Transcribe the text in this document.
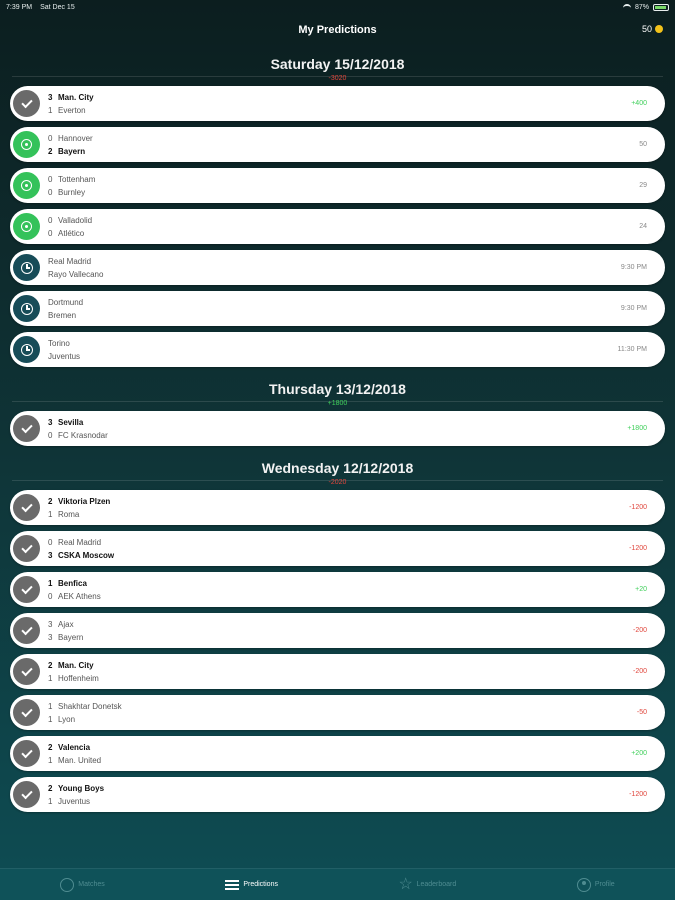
7:39 PM Sat Dec 15	87%
My Predictions	50
Saturday 15/12/2018
-3020
3 Man. City
1 Everton
+400
0 Hannover
2 Bayern
50
0 Tottenham
0 Burnley
29
0 Valladolid
0 Atlético
24
Real Madrid
Rayo Vallecano
9:30 PM
Dortmund
Bremen
9:30 PM
Torino
Juventus
11:30 PM
Thursday 13/12/2018
+1800
3 Sevilla
0 FC Krasnodar
+1800
Wednesday 12/12/2018
-2020
2 Viktoria Plzen
1 Roma
-1200
0 Real Madrid
3 CSKA Moscow
-1200
1 Benfica
0 AEK Athens
+20
3 Ajax
3 Bayern
-200
2 Man. City
1 Hoffenheim
-200
1 Shakhtar Donetsk
1 Lyon
-50
2 Valencia
1 Man. United
+200
2 Young Boys
1 Juventus
-1200
Matches	Predictions	☆ Leaderboard	Profile
